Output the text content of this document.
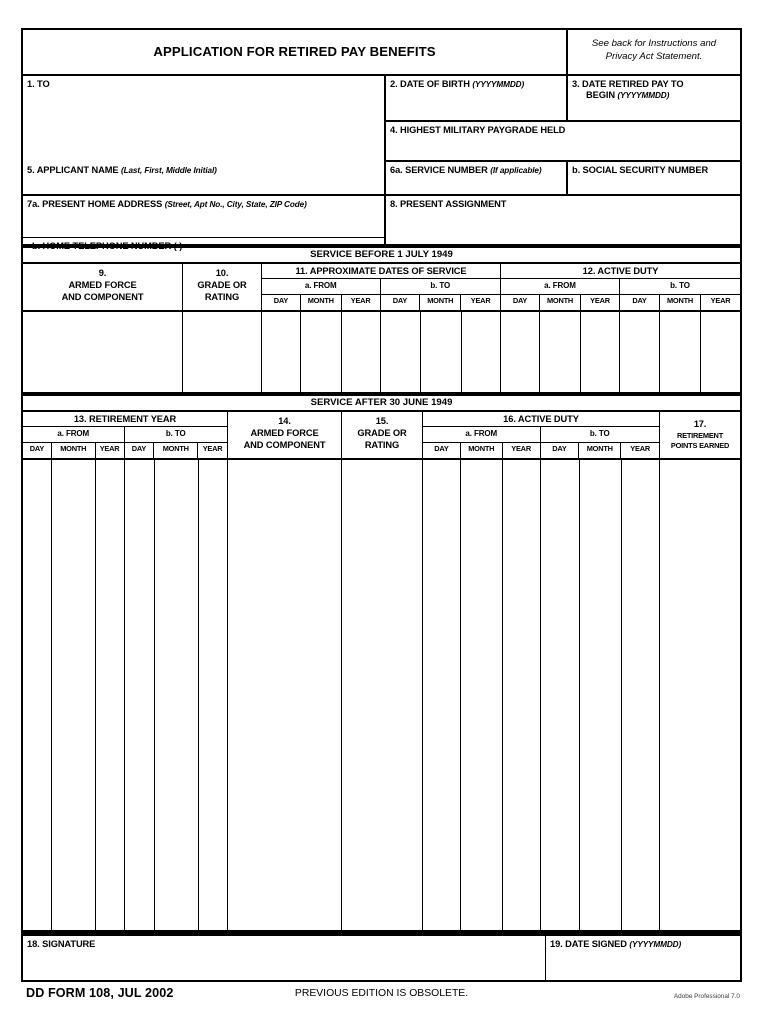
APPLICATION FOR RETIRED PAY BENEFITS
See back for Instructions and
Privacy Act Statement.
1. TO	2. DATE OF BIRTH (YYYYMMDD)	3. DATE RETIRED PAY TO
BEGIN (YYYYMMDD)
4. HIGHEST MILITARY PAYGRADE HELD
5. APPLICANT NAME (Last, First, Middle Initial)	6a. SERVICE NUMBER (If applicable)	b. SOCIAL SECURITY NUMBER
7a. PRESENT HOME ADDRESS (Street, Apt No., City, State, ZIP Code)
b. HOME TELEPHONE NUMBER ( )
8. PRESENT ASSIGNMENT
SERVICE BEFORE 1 JULY 1949
9.
ARMED FORCE
AND COMPONENT
10.
GRADE OR
RATING
11. APPROXIMATE DATES OF SERVICE
a. FROM	b. TO
DAY	MONTH	YEAR	DAY	MONTH	YEAR
12. ACTIVE DUTY
a. FROM	b. TO
DAY	MONTH	YEAR	DAY	MONTH	YEAR
SERVICE AFTER 30 JUNE 1949
13. RETIREMENT YEAR
a. FROM	b. TO
DAY	MONTH	YEAR	DAY	MONTH	YEAR
14.
ARMED FORCE
AND COMPONENT
15.
GRADE OR
RATING
16. ACTIVE DUTY
a. FROM	b. TO
DAY	MONTH	YEAR	DAY	MONTH	YEAR
17.
RETIREMENT
POINTS EARNED
18. SIGNATURE	19. DATE SIGNED (YYYYMMDD)
DD FORM 108, JUL 2002	PREVIOUS EDITION IS OBSOLETE.	Adobe Professional 7.0
